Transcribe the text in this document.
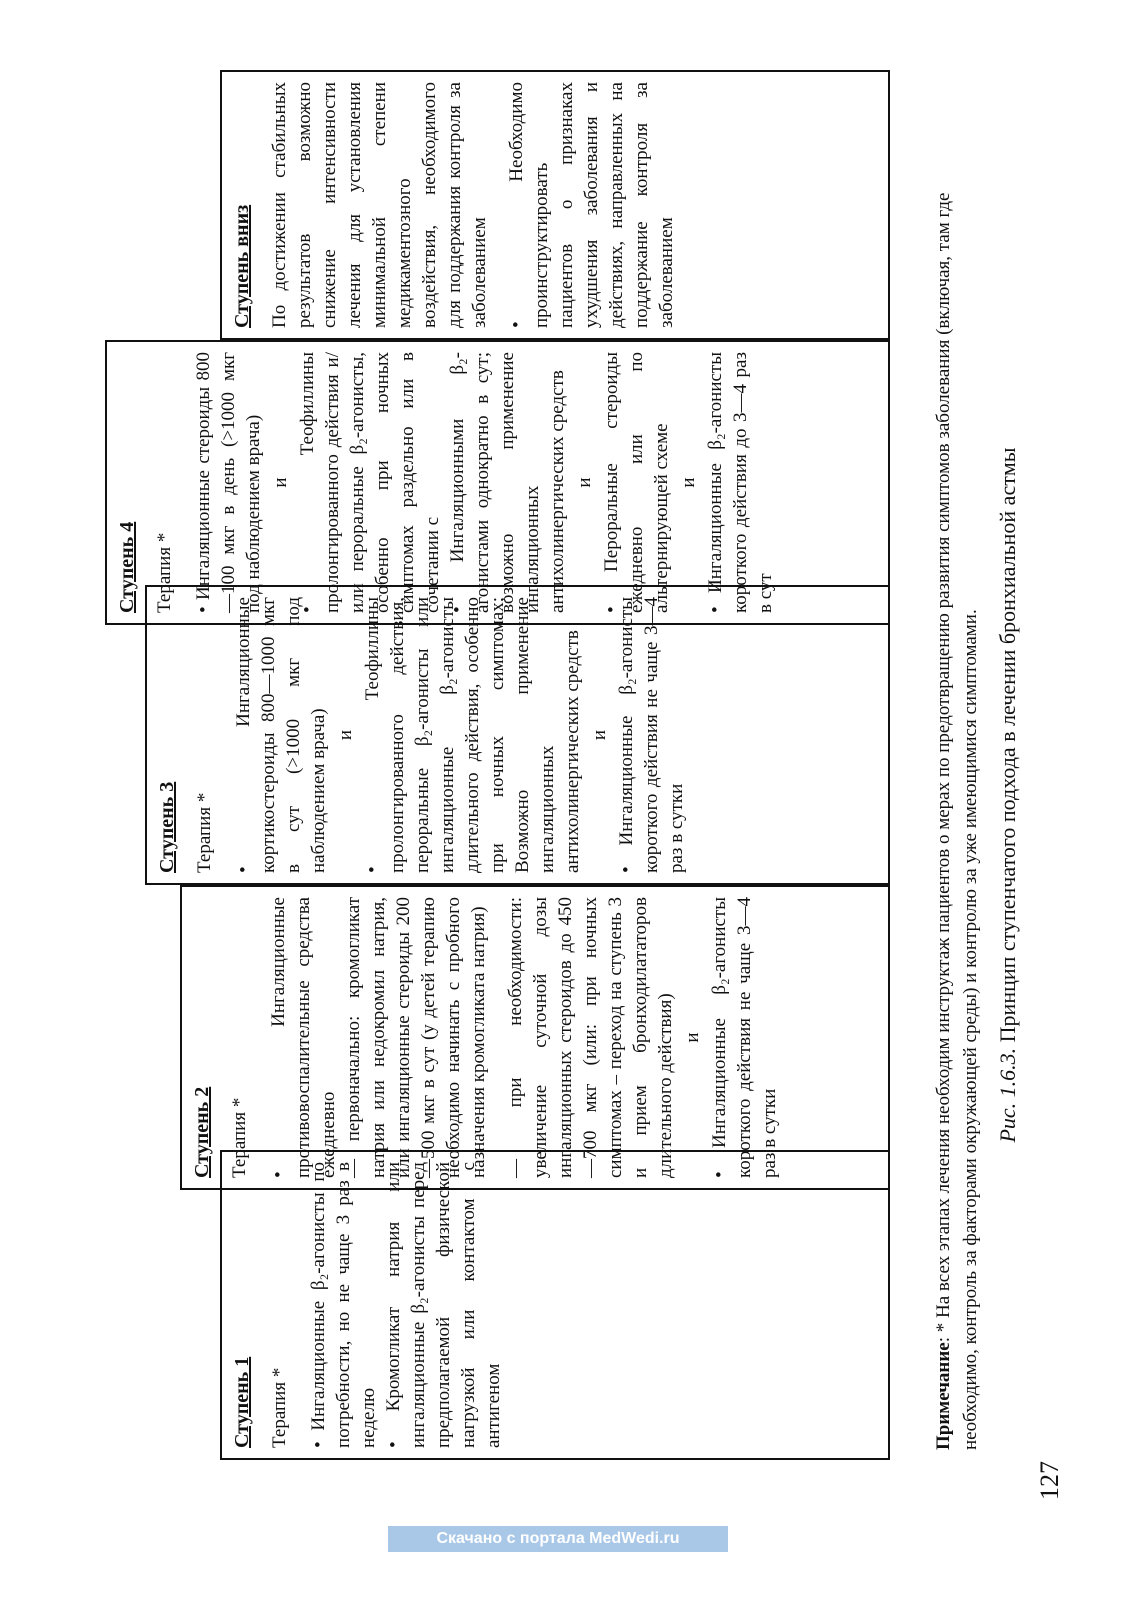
Ступень 1 Терапия * • Ингаляционные β₂-агонисты по потребности, но не чаще 3 раз в неделю • Кромогликат натрия или ингаляционные β₂-агонисты перед предполагаемой физической нагрузкой или контактом с антигеном

Ступень 2 Терапия * • Ингаляционные противовоспалительные средства ежедневно — первоначально: кромогликат натрия или недокромил натрия, или ингаляционные стероиды 200—500 мкг в сут (у детей терапию необходимо начинать с пробного назначения кромогликата натрия) — при необходимости: увеличение суточной дозы ингаляционных стероидов до 450—700 мкг (или: при ночных симптомах – переход на ступень 3 и прием бронходилататоров длительного действия) и • Ингаляционные β₂-агонисты короткого действия не чаще 3—4 раз в сутки

Ступень 3 Терапия * • Ингаляционные кортикостероиды 800—1000 мкг в сут (>1000 мкг под наблюдением врача) и • Теофиллины пролонгированного действия, пероральные β₂-агонисты или ингаляционные β₂-агонисты длительного действия, особенно при ночных симптомах; Возможно применение ингаляционных антихолинергических средств и • Ингаляционные β₂-агонисты короткого действия не чаще 3—4 раз в сутки

Ступень 4 Терапия * • Ингаляционные стероиды 800—100 мкг в день (>1000 мкг под наблюдением врача) и • Теофиллины пролонгированного действия и/или пероральные β₂-агонисты, особенно при ночных симптомах раздельно или в сочетании с • Ингаляционными β₂-агонистами однократно в сут; возможно применение ингаляционных антихолинергических средств и • Пероральные стероиды ежедневно или по альтернирующей схеме и • Ингаляционные β₂-агонисты короткого действия до 3—4 раз в сут

Ступень вниз По достижении стабильных результатов возможно снижение интенсивности лечения для установления минимальной степени медикаментозного воздействия, необходимого для поддержания контроля за заболеванием • Необходимо проинструктировать пациентов о признаках ухудшения заболевания и действиях, направленных на поддержание контроля за заболеванием

Примечание: * На всех этапах лечения необходим инструктаж пациентов о мерах по предотвращению развития симптомов заболевания (включая, там где необходимо, контроль за факторами окружающей среды) и контролю за уже имеющимися симптомами. Рис. 1.6.3. Принцип ступенчатого подхода в лечении бронхиальной астмы
127
Скачано с портала MedWedi.ru
